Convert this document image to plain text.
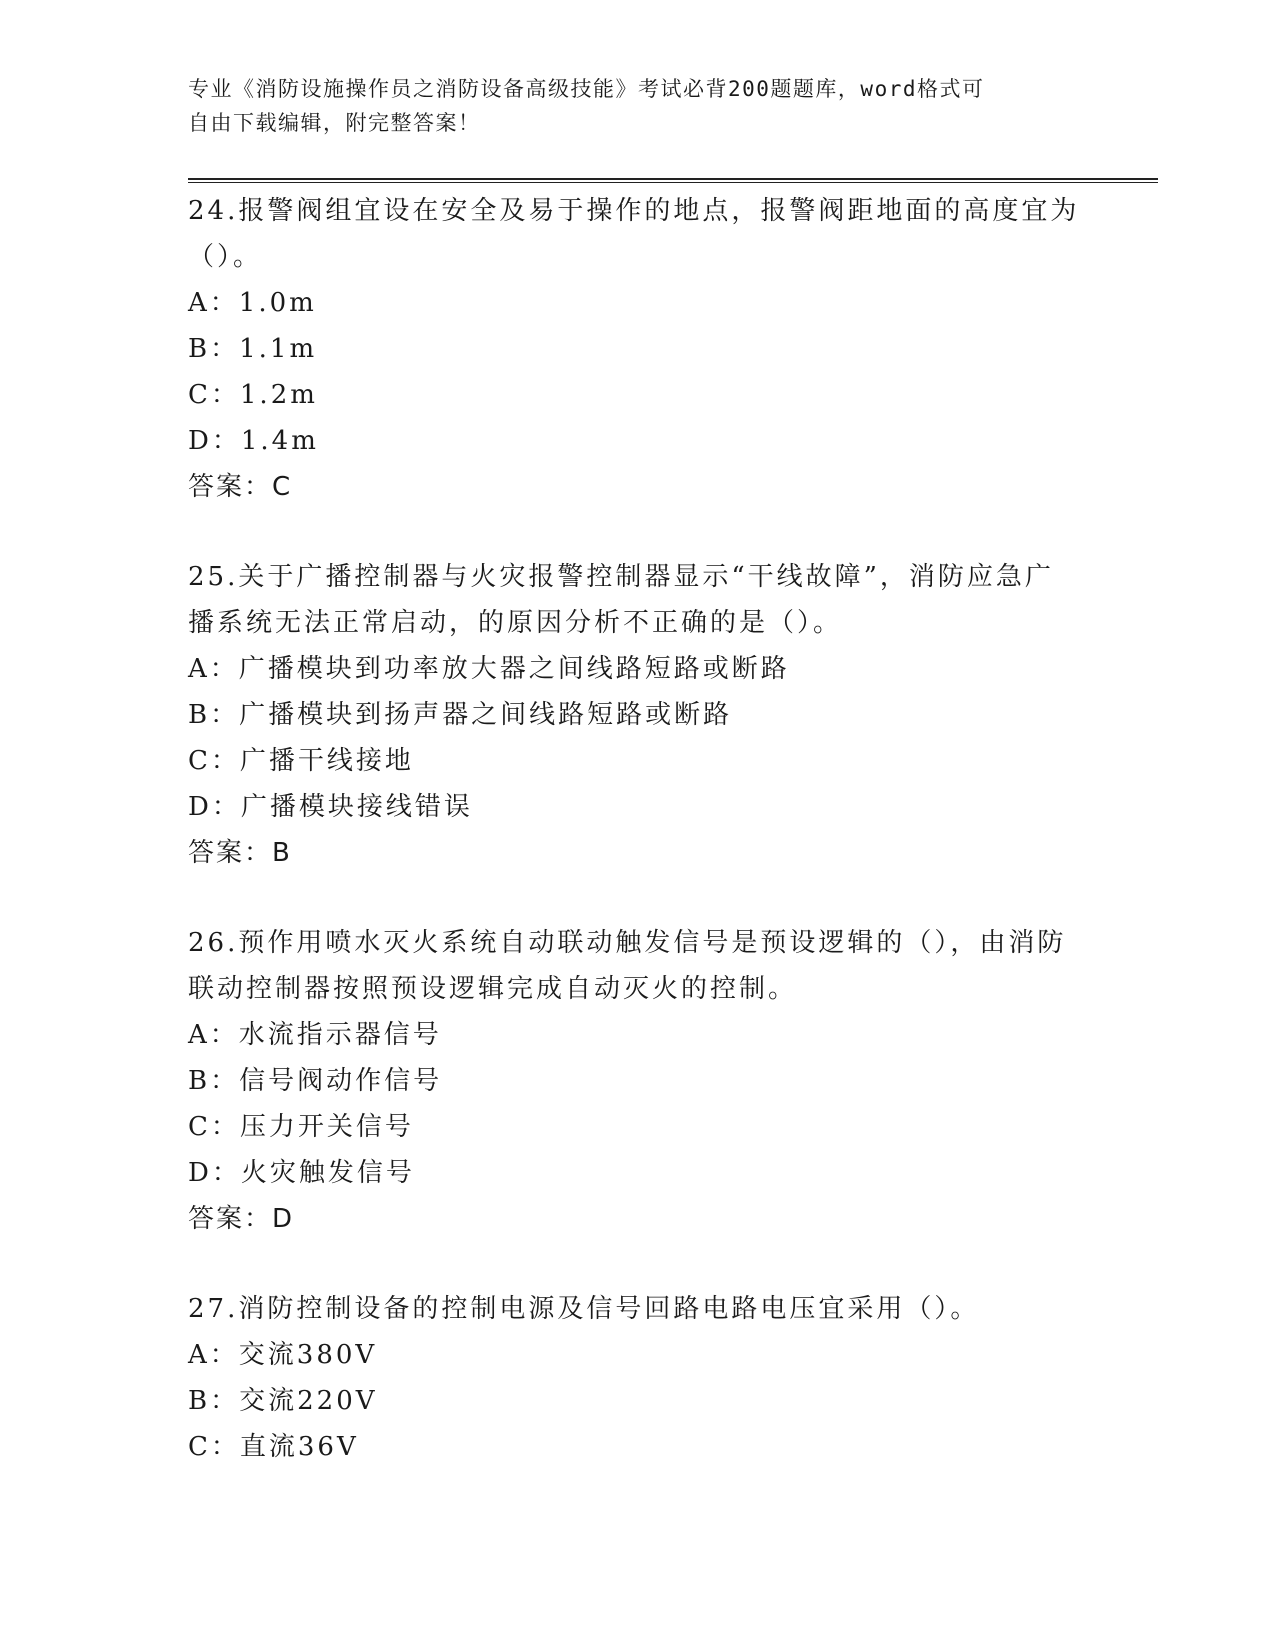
专业《消防设施操作员之消防设备高级技能》考试必背200题题库，word格式可
自由下载编辑，附完整答案！
24.报警阀组宜设在安全及易于操作的地点，报警阀距地面的高度宜为
（）。
A：1.0m
B：1.1m
C：1.2m
D：1.4m
答案：C
25.关于广播控制器与火灾报警控制器显示“干线故障”，消防应急广
播系统无法正常启动，的原因分析不正确的是（）。
A：广播模块到功率放大器之间线路短路或断路
B：广播模块到扬声器之间线路短路或断路
C：广播干线接地
D：广播模块接线错误
答案：B
26.预作用喷水灭火系统自动联动触发信号是预设逻辑的（），由消防
联动控制器按照预设逻辑完成自动灭火的控制。
A：水流指示器信号
B：信号阀动作信号
C：压力开关信号
D：火灾触发信号
答案：D
27.消防控制设备的控制电源及信号回路电路电压宜采用（）。
A：交流380V
B：交流220V
C：直流36V
